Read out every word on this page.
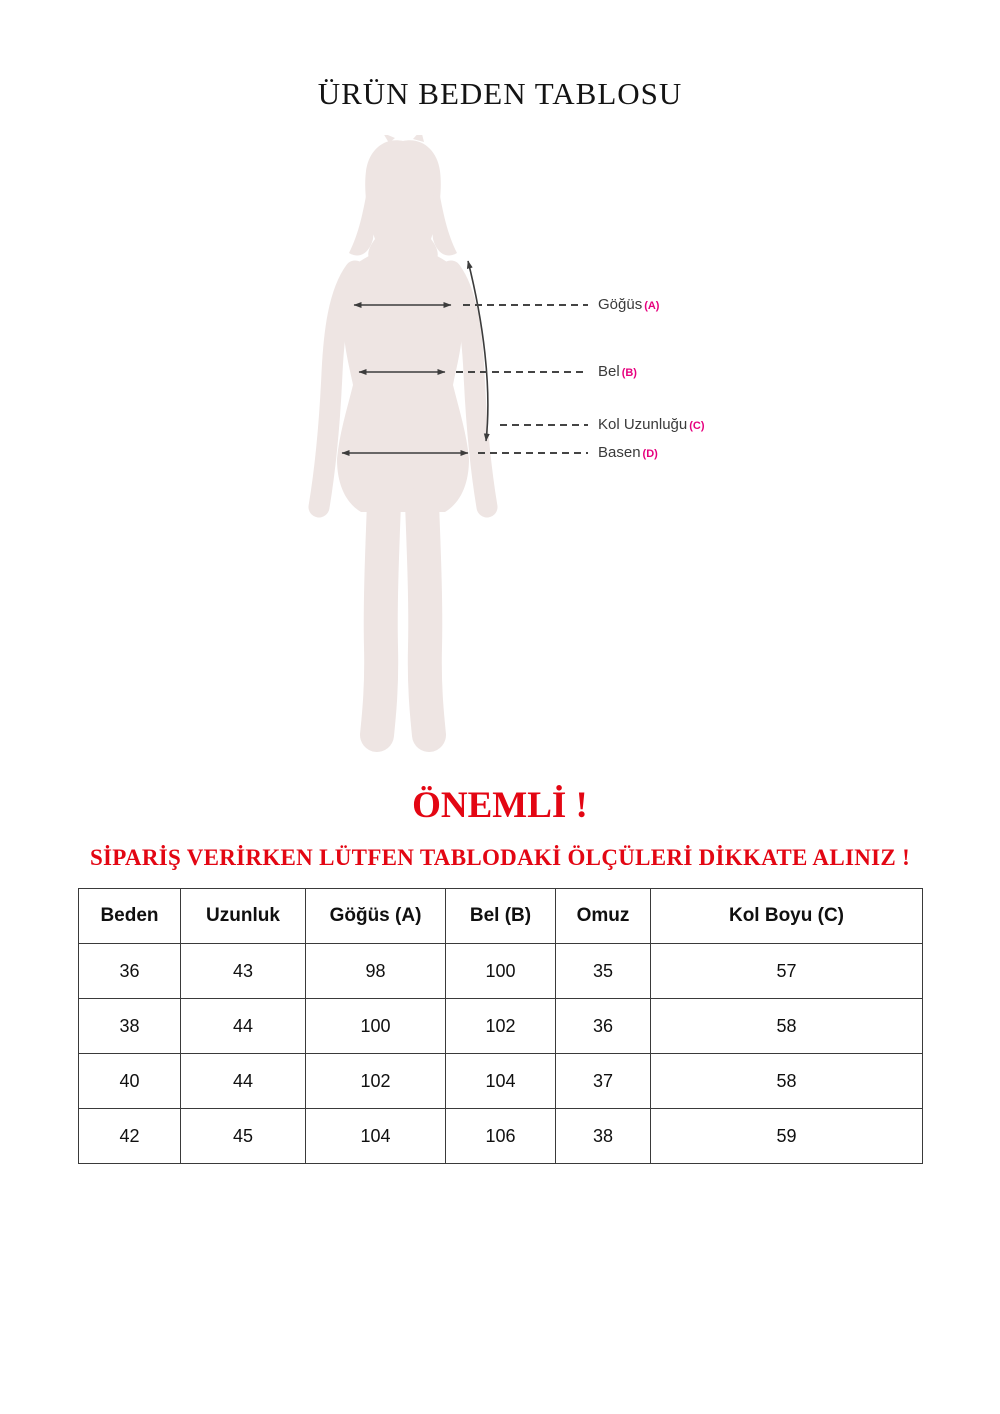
ÜRÜN BEDEN TABLOSU
Göğüs (A)
Bel (B)
Kol Uzunluğu (C)
Basen (D)
ÖNEMLİ !
SİPARİŞ VERİRKEN LÜTFEN TABLODAKİ ÖLÇÜLERİ DİKKATE ALINIZ !
Beden	Uzunluk	Göğüs (A)	Bel (B)	Omuz	Kol Boyu (C)
36	43	98	100	35	57
38	44	100	102	36	58
40	44	102	104	37	58
42	45	104	106	38	59
